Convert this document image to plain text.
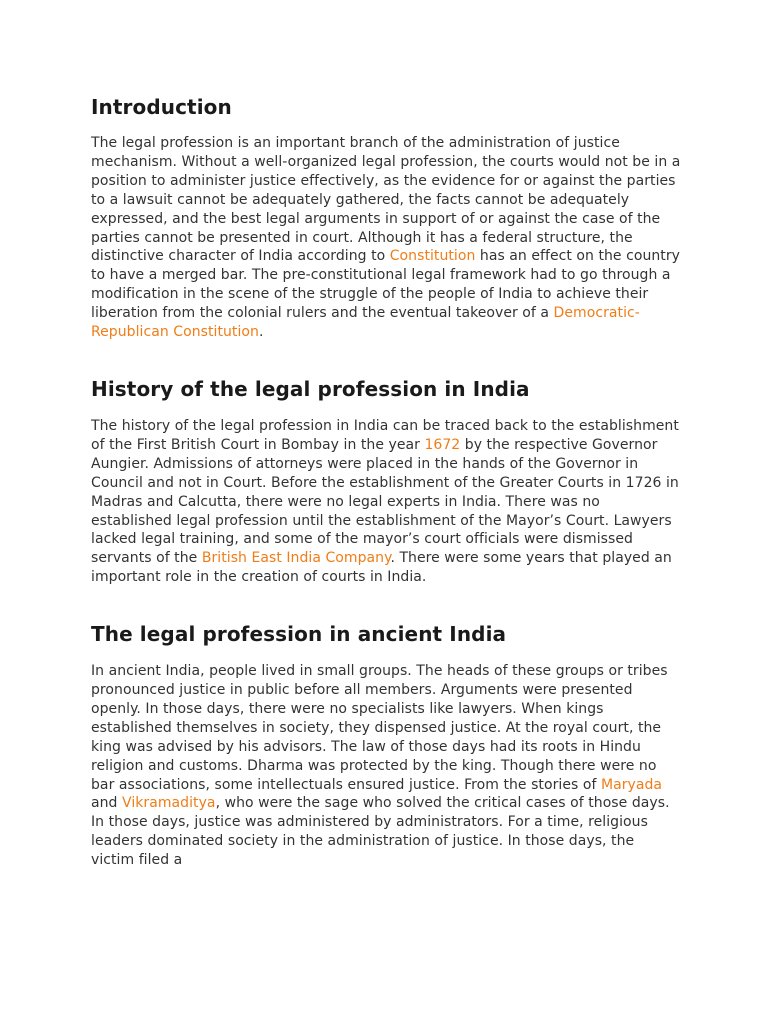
Introduction

The legal profession is an important branch of the administration of justice mechanism. Without a well-organized legal profession, the courts would not be in a position to administer justice effectively, as the evidence for or against the parties to a lawsuit cannot be adequately gathered, the facts cannot be adequately expressed, and the best legal arguments in support of or against the case of the parties cannot be presented in court. Although it has a federal structure, the distinctive character of India according to Constitution has an effect on the country to have a merged bar. The pre-constitutional legal framework had to go through a modification in the scene of the struggle of the people of India to achieve their liberation from the colonial rulers and the eventual takeover of a Democratic-Republican Constitution.

History of the legal profession in India

The history of the legal profession in India can be traced back to the establishment of the First British Court in Bombay in the year 1672 by the respective Governor Aungier. Admissions of attorneys were placed in the hands of the Governor in Council and not in Court. Before the establishment of the Greater Courts in 1726 in Madras and Calcutta, there were no legal experts in India. There was no established legal profession until the establishment of the Mayor’s Court. Lawyers lacked legal training, and some of the mayor’s court officials were dismissed servants of the British East India Company. There were some years that played an important role in the creation of courts in India.

The legal profession in ancient India

In ancient India, people lived in small groups. The heads of these groups or tribes pronounced justice in public before all members. Arguments were presented openly. In those days, there were no specialists like lawyers. When kings established themselves in society, they dispensed justice. At the royal court, the king was advised by his advisors. The law of those days had its roots in Hindu religion and customs. Dharma was protected by the king. Though there were no bar associations, some intellectuals ensured justice. From the stories of Maryada and Vikramaditya, who were the sage who solved the critical cases of those days. In those days, justice was administered by administrators. For a time, religious leaders dominated society in the administration of justice. In those days, the victim filed a
